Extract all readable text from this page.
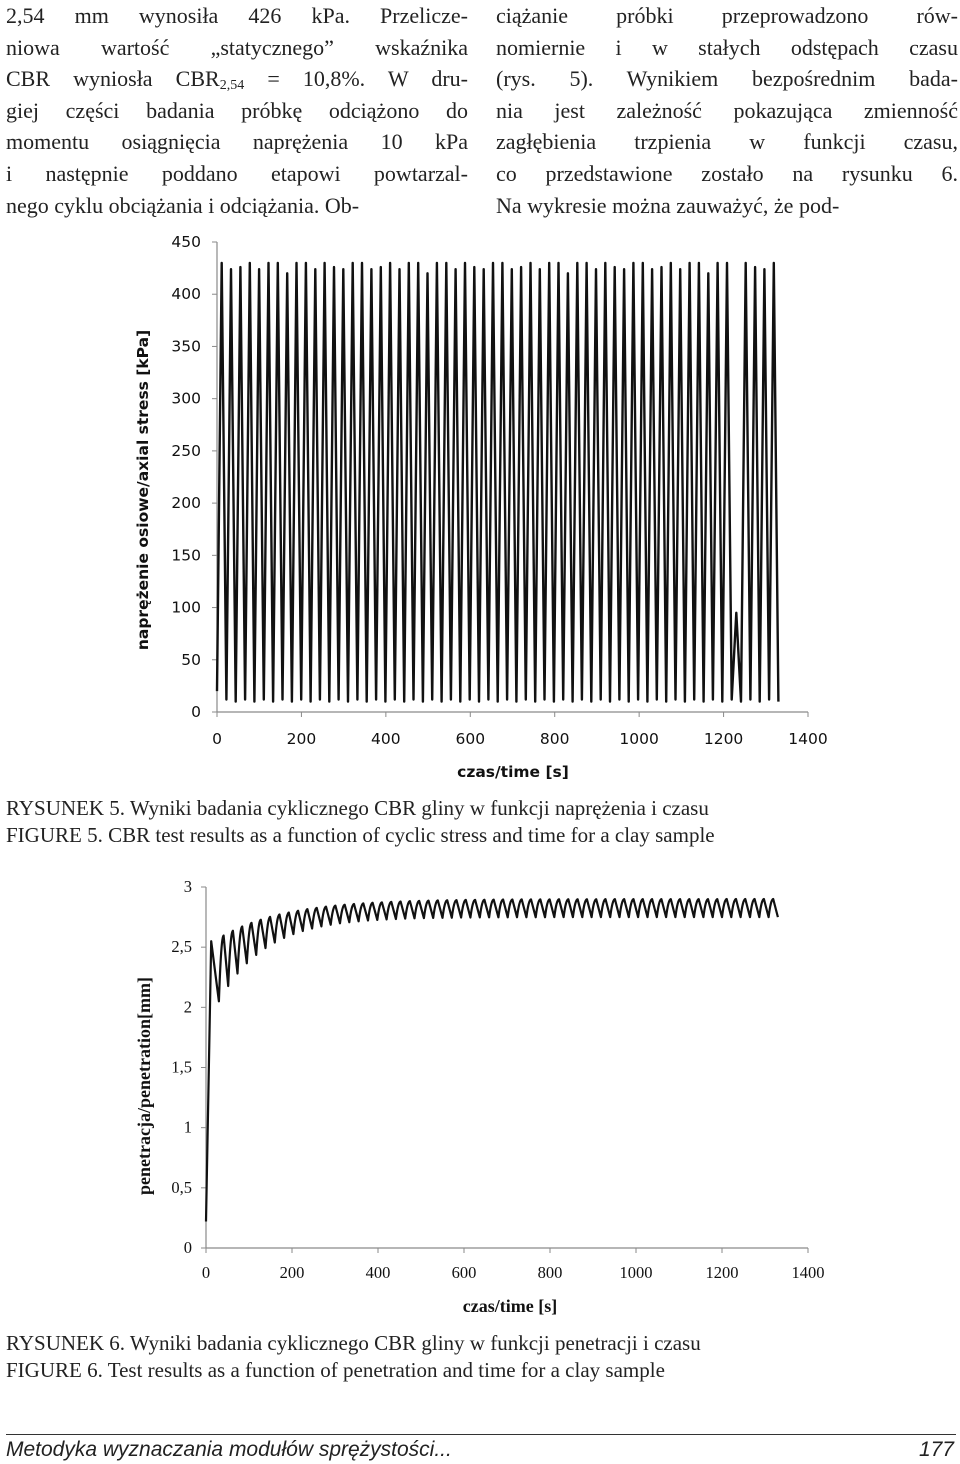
2,54 mm wynosiła 426 kPa. Przelicze-
niowa wartość „statycznego” wskaźnika
CBR wyniosła $CBR_{2,54} = 10,8\%$. W dru-
giej części badania próbkę odciążono do
momentu osiągnięcia naprężenia 10 kPa
i następnie poddano etapowi powtarzal-
nego cyklu obciążania i odciążania. Ob-
ciążanie próbki przeprowadzono rów-
nomiernie i w stałych odstępach czasu
(rys. 5). Wynikiem bezpośrednim bada-
nia jest zależność pokazująca zmienność
zagłębienia trzpienia w funkcji czasu,
co przedstawione zostało na rysunku 6.
Na wykresie można zauważyć, że pod-
0
50
100
150
200
250
300
350
400
450
0	200	400	600	800	1000	1200	1400
czas/time [s]
naprężenie osiowe/axial stress [kPa]
RYSUNEK 5. Wyniki badania cyklicznego CBR gliny w funkcji naprężenia i czasu
FIGURE 5. CBR test results as a function of cyclic stress and time for a clay sample
0
0,5
1
1,5
2
2,5
3
0	200	400	600	800	1000	1200	1400
czas/time [s]
penetracja/penetration[mm]
RYSUNEK 6. Wyniki badania cyklicznego CBR gliny w funkcji penetracji i czasu
FIGURE 6. Test results as a function of penetration and time for a clay sample
Metodyka wyznaczania modułów sprężystości...	177
